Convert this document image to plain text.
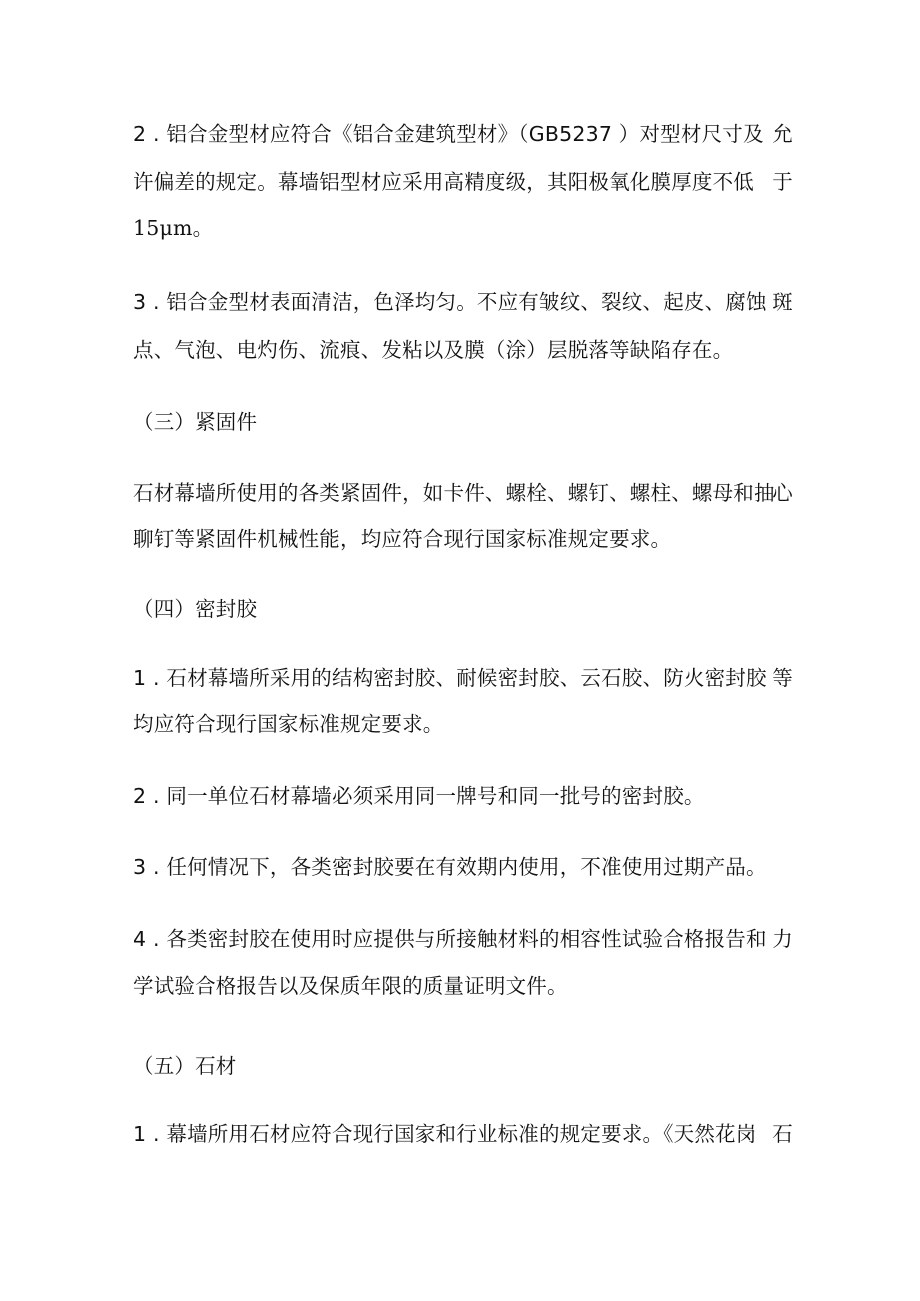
2 . 铝合金型材应符合《铝合金建筑型材》（GB5237 ）对型材尺寸及 允
许偏差的规定。幕墙铝型材应采用高精度级，其阳极氧化膜厚度不低 于
15μm。
3 . 铝合金型材表面清洁，色泽均匀。不应有皱纹、裂纹、起皮、腐蚀 斑
点、气泡、电灼伤、流痕、发粘以及膜（涂）层脱落等缺陷存在。
（三）紧固件
石材幕墙所使用的各类紧固件，如卡件、螺栓、螺钉、螺柱、螺母和抽
心
聊钉等紧固件机械性能，均应符合现行国家标准规定要求。
（四）密封胶
1 . 石材幕墙所采用的结构密封胶、耐候密封胶、云石胶、防火密封胶 等
均应符合现行国家标准规定要求。
2 . 同一单位石材幕墙必须采用同一牌号和同一批号的密封胶。
3 . 任何情况下，各类密封胶要在有效期内使用，不准使用过期产品。
4 . 各类密封胶在使用时应提供与所接触材料的相容性试验合格报告和 力
学试验合格报告以及保质年限的质量证明文件。
（五）石材
1 . 幕墙所用石材应符合现行国家和行业标准的规定要求。《天然花岗 石
